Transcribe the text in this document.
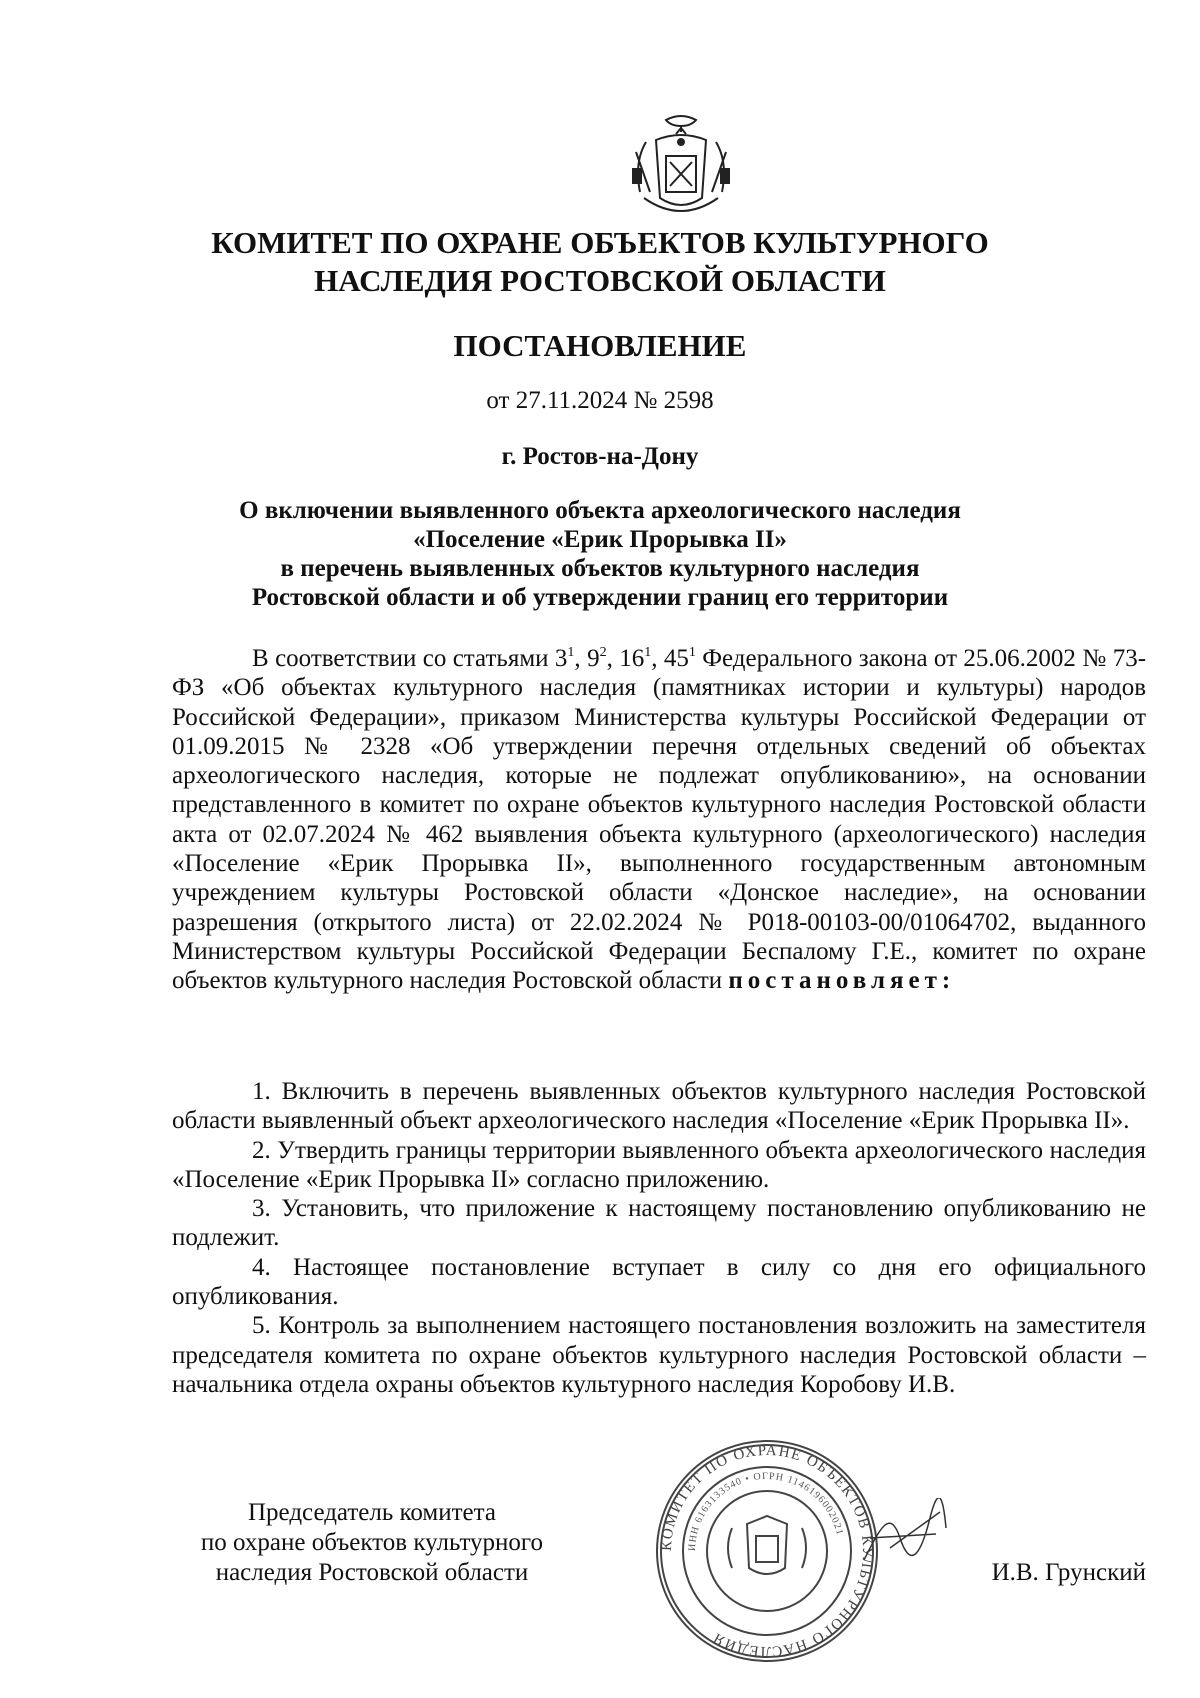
КОМИТЕТ ПО ОХРАНЕ ОБЪЕКТОВ КУЛЬТУРНОГО
НАСЛЕДИЯ РОСТОВСКОЙ ОБЛАСТИ
ПОСТАНОВЛЕНИЕ
от 27.11.2024 № 2598
г. Ростов-на-Дону
О включении выявленного объекта археологического наследия
«Поселение «Ерик Прорывка II»
в перечень выявленных объектов культурного наследия
Ростовской области и об утверждении границ его территории

В соответствии со статьями $3^1$, $9^2$, $16^1$, $45^1$ Федерального закона от 25.06.2002 № 73-ФЗ «Об объектах культурного наследия (памятниках истории и культуры) народов Российской Федерации», приказом Министерства культуры Российской Федерации от 01.09.2015 № 2328 «Об утверждении перечня отдельных сведений об объектах археологического наследия, которые не подлежат опубликованию», на основании представленного в комитет по охране объектов культурного наследия Ростовской области акта от 02.07.2024 № 462 выявления объекта культурного (археологического) наследия «Поселение «Ерик Прорывка II», выполненного государственным автономным учреждением культуры Ростовской области «Донское наследие», на основании разрешения (открытого листа) от 22.02.2024 № Р018-00103-00/01064702, выданного Министерством культуры Российской Федерации Беспалому Г.Е., комитет по охране объектов культурного наследия Ростовской области постановляет:

1. Включить в перечень выявленных объектов культурного наследия Ростовской области выявленный объект археологического наследия «Поселение «Ерик Прорывка II».

2. Утвердить границы территории выявленного объекта археологического наследия «Поселение «Ерик Прорывка II» согласно приложению.

3. Установить, что приложение к настоящему постановлению опубликованию не подлежит.

4. Настоящее постановление вступает в силу со дня его официального опубликования.

5. Контроль за выполнением настоящего постановления возложить на заместителя председателя комитета по охране объектов культурного наследия Ростовской области – начальника отдела охраны объектов культурного наследия Коробову И.В.

Председатель комитета
по охране объектов культурного
наследия Ростовской области
КОМИТЕТ ПО ОХРАНЕ ОБЪЕКТОВ КУЛЬТУРНОГО НАСЛЕДИЯ
ИНН 6163133540 • ОГРН 1146196002021
И.В. Грунский
